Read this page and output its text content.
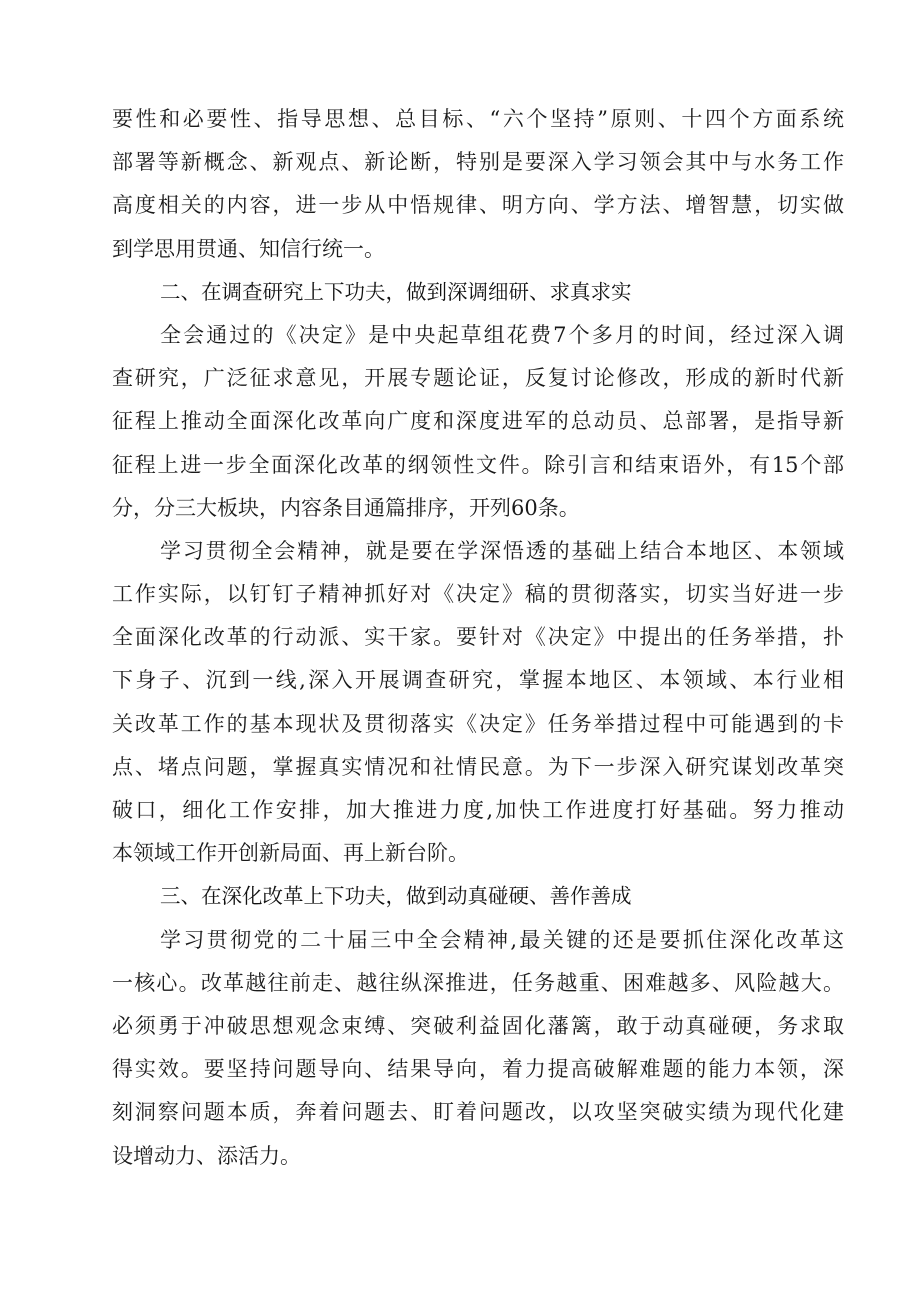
要性和必要性、指导思想、总目标、“六个坚持”原则、十四个方面系统
部署等新概念、新观点、新论断，特别是要深入学习领会其中与水务工作
高度相关的内容，进一步从中悟规律、明方向、学方法、增智慧，切实做
到学思用贯通、知信行统一。
二、在调查研究上下功夫，做到深调细研、求真求实
全会通过的《决定》是中央起草组花费7个多月的时间，经过深入调
查研究，广泛征求意见，开展专题论证，反复讨论修改，形成的新时代新
征程上推动全面深化改革向广度和深度进军的总动员、总部署，是指导新
征程上进一步全面深化改革的纲领性文件。除引言和结束语外，有15个部
分，分三大板块，内容条目通篇排序，开列60条。
学习贯彻全会精神，就是要在学深悟透的基础上结合本地区、本领域
工作实际，以钉钉子精神抓好对《决定》稿的贯彻落实，切实当好进一步
全面深化改革的行动派、实干家。要针对《决定》中提出的任务举措，扑
下身子、沉到一线,深入开展调查研究，掌握本地区、本领域、本行业相
关改革工作的基本现状及贯彻落实《决定》任务举措过程中可能遇到的卡
点、堵点问题，掌握真实情况和社情民意。为下一步深入研究谋划改革突
破口，细化工作安排，加大推进力度,加快工作进度打好基础。努力推动
本领域工作开创新局面、再上新台阶。
三、在深化改革上下功夫，做到动真碰硬、善作善成
学习贯彻党的二十届三中全会精神,最关键的还是要抓住深化改革这
一核心。改革越往前走、越往纵深推进，任务越重、困难越多、风险越大。
必须勇于冲破思想观念束缚、突破利益固化藩篱，敢于动真碰硬，务求取
得实效。要坚持问题导向、结果导向，着力提高破解难题的能力本领，深
刻洞察问题本质，奔着问题去、盯着问题改，以攻坚突破实绩为现代化建
设增动力、添活力。
